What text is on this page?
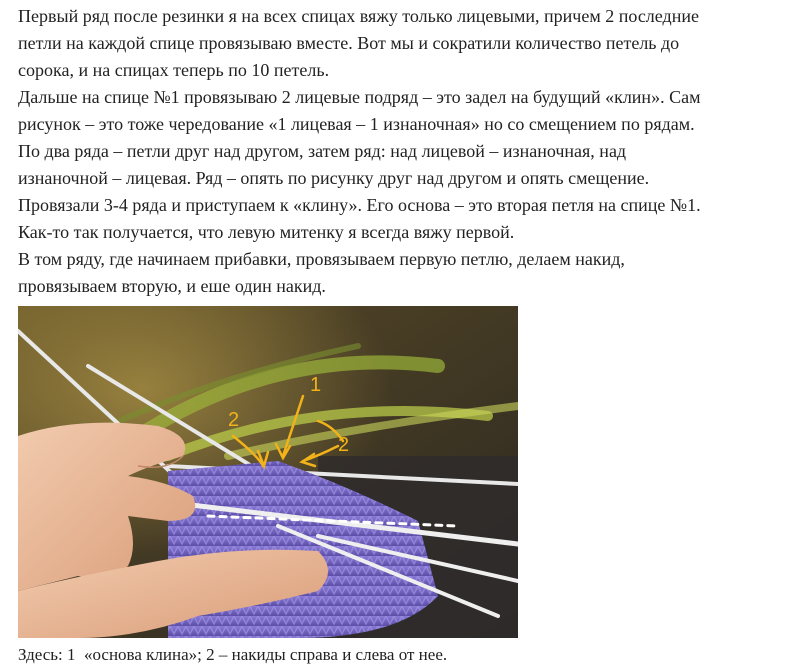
Первый ряд после резинки я на всех спицах вяжу только лицевыми, причем 2 последние
петли на каждой спице провязываю вместе. Вот мы и сократили количество петель до
сорока, и на спицах теперь по 10 петель.

Дальше на спице №1 провязываю 2 лицевые подряд – это задел на будущий «клин». Сам
рисунок – это тоже чередование «1 лицевая – 1 изнаночная» но со смещением по рядам.

По два ряда – петли друг над другом, затем ряд: над лицевой – изнаночная, над
изнаночной – лицевая. Ряд – опять по рисунку друг над другом и опять смещение.

Провязали 3-4 ряда и приступаем к «клину». Его основа – это вторая петля на спице №1.

Как-то так получается, что левую митенку я всегда вяжу первой.

В том ряду, где начинаем прибавки, провязываем первую петлю, делаем накид,
провязываем вторую, и еше один накид.

2
1
2
Здесь: 1  «основа клина»; 2 – накиды справа и слева от нее.
